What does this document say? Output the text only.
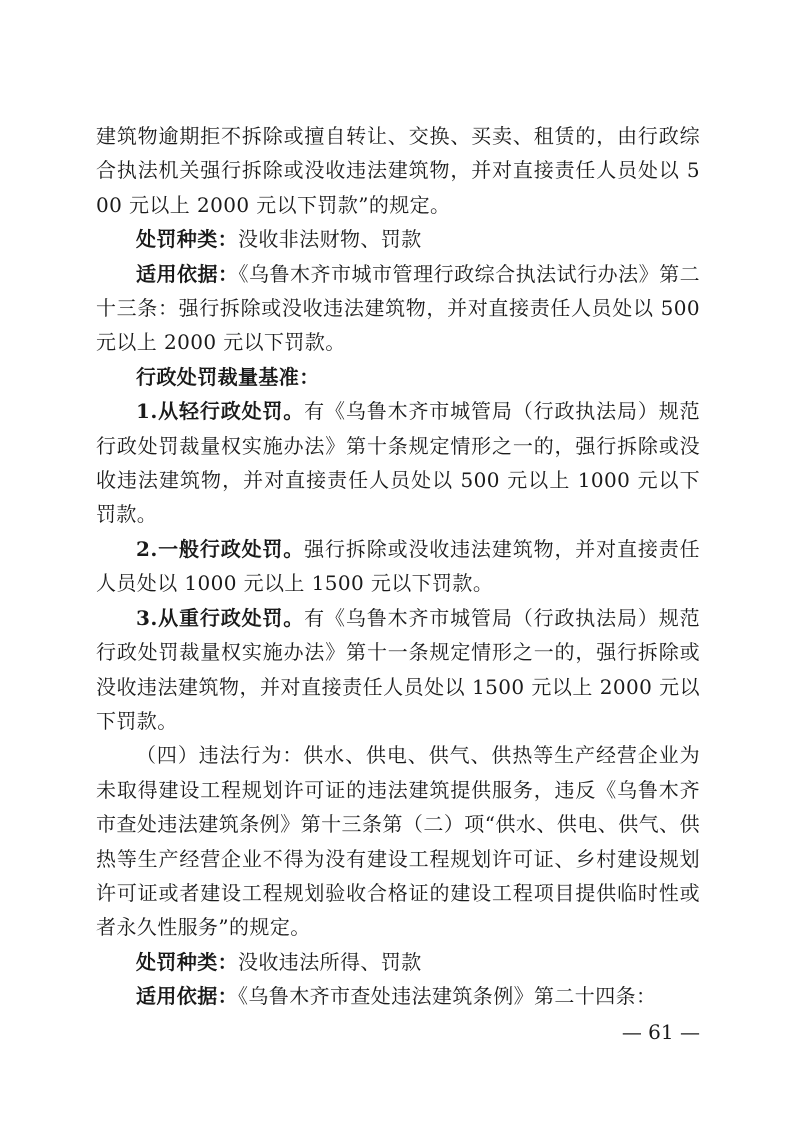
建筑物逾期拒不拆除或擅自转让、交换、买卖、租赁的，由行政综合执法机关强行拆除或没收违法建筑物，并对直接责任人员处以 500 元以上 2000 元以下罚款”的规定。

处罚种类：没收非法财物、罚款

适用依据：《乌鲁木齐市城市管理行政综合执法试行办法》第二十三条：强行拆除或没收违法建筑物，并对直接责任人员处以 500 元以上 2000 元以下罚款。

行政处罚裁量基准：

1.从轻行政处罚。有《乌鲁木齐市城管局（行政执法局）规范行政处罚裁量权实施办法》第十条规定情形之一的，强行拆除或没收违法建筑物，并对直接责任人员处以 500 元以上 1000 元以下罚款。

2.一般行政处罚。强行拆除或没收违法建筑物，并对直接责任人员处以 1000 元以上 1500 元以下罚款。

3.从重行政处罚。有《乌鲁木齐市城管局（行政执法局）规范行政处罚裁量权实施办法》第十一条规定情形之一的，强行拆除或没收违法建筑物，并对直接责任人员处以 1500 元以上 2000 元以下罚款。

（四）违法行为：供水、供电、供气、供热等生产经营企业为未取得建设工程规划许可证的违法建筑提供服务，违反《乌鲁木齐市查处违法建筑条例》第十三条第（二）项“供水、供电、供气、供热等生产经营企业不得为没有建设工程规划许可证、乡村建设规划许可证或者建设工程规划验收合格证的建设工程项目提供临时性或者永久性服务”的规定。

处罚种类：没收违法所得、罚款

适用依据：《乌鲁木齐市查处违法建筑条例》第二十四条：

— 61 —
